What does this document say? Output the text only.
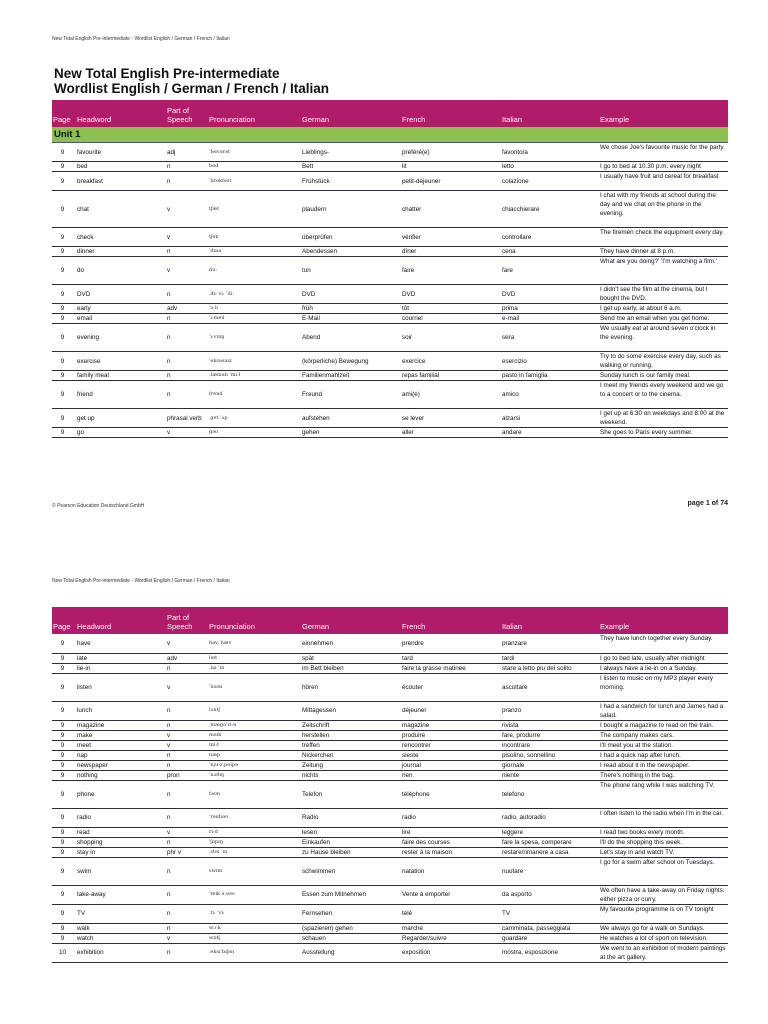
New Total English Pre-intermediate - Wordlist English / German / French / Italian
New Total English Pre-intermediate
Wordlist English / German / French / Italian
Page	Headword	Part of
Speech	Pronunciation	German	French	Italian	Example
Unit 1							
9	favourite	adj	ˈfeɪvərət	Lieblings-	préféré(e)	favorito/a	We chose Joe's favourite music for the party.
9	bed	n	bed	Bett	lit	letto	I go to bed at 10.30 p.m. every night
9	breakfast	n	ˈbrekfəst	Frühstück	petit-déjeuner	colazione	I usually have fruit and cereal for breakfast
9	chat	v	tʃæt	plaudern	chatter	chiacchierare	I chat with my friends at school during the day and we chat on the phone in the evening.
9	check	v	tʃek	überprüfen	vérifier	controllare	The firemen check the equipment every day.
9	dinner	n	ˈdɪnə	Abendessen	dîner	cena	They have dinner at 8 p.m.
9	do	v	duː	tun	faire	fare	What are you doing?' 'I'm watching a film.'
9	DVD	n	ˌdiː viː ˈdiː	DVD	DVD	DVD	I didn't see the film at the cinema, but I bought the DVD.
9	early	adv	ˈɜːli	früh	tôt	prima	I get up early, at about 6 a.m.
9	email	n	ˈiːmeɪl	E-Mail	courriel	e-mail	Send me an email when you get home.
9	evening	n	ˈiːvnɪŋ	Abend	soir	sera	We usually eat at around seven o'clock in the evening.
9	exercise	n	ˈeksəsaɪz	(körperliche) Bewegung	exercice	esercizio	Try to do some exercise every day, such as walking or running.
9	family meal	n	ˌfæməli ˈmiːl	Familienmahlzeit	repas familial	pasto in famiglia	Sunday lunch is our family meal.
9	friend	n	frend	Freund	ami(e)	amico	I meet my friends every weekend and we go to a concert or to the cinema.
9	get up	phrasal verb	ˌget ˈʌp	aufstehen	se lever	alzarsi	I get up at 6:30 on weekdays and 8:00 at the weekend.
9	go	v	gəʊ	gehen	aller	andare	She goes to Paris every summer.
© Pearson Education Deutschland GmbH	page 1 of 74
New Total English Pre-intermediate - Wordlist English / German / French / Italian
Page	Headword	Part of
Speech	Pronunciation	German	French	Italian	Example
9	have	v	həv, hæv	einnehmen	prendre	pranzare	They have lunch together every Sunday.
9	late	adv	leɪt	spät	tard	tardi	I go to bed late, usually after midnight
9	lie-in	n	ˌlaɪ ˈɪn	im Bett bleiben	faire la grasse matinee	stare a letto piu del solito	I always have a lie-in on a Sunday.
9	listen	v	ˈlɪsən	hören	écouter	ascoltare	I listen to music on my MP3 player every morning.
9	lunch	n	lʌntʃ	Mittagessen	déjeuner	pranzo	I had a sandwich for lunch and James had a salad.
9	magazine	n	ˌmægəˈziːn	Zeitschrift	magazine	rivista	I bought a magazine to read on the train.
9	make	v	meɪk	herstellen	produire	fare, produrre	The company makes cars.
9	meet	v	miːt	treffen	rencontrer	incontrare	I'll meet you at the station.
9	nap	n	næp	Nickerchen	sieste	pisolino, sonnellino	I had a quick nap after lunch.
9	newspaper	n	ˈnjuːzˌpeɪpə	Zeitung	journal	giornale	I read about it in the newspaper.
9	nothing	pron	ˈnʌθɪŋ	nichts	rien	niente	There's nothing in the bag.
9	phone	n	fəʊn	Telefon	téléphone	telefono	The phone rang while I was watching TV.
9	radio	n	ˈreɪdiəʊ	Radio	radio	radio, autoradio	I often listen to the radio when I'm in the car.
9	read	v	riːd	lesen	lire	leggere	I read two books every month.
9	shopping	n	ˈʃɒpɪŋ	Einkaufen	faire des courses	fare la spesa, comperare	I'll do the shopping this week.
9	stay in	phr v	ˌsteɪ ˈɪn	zu Hause bleiben	rester à la maison	restare/rimanere a casa	Let's stay in and watch TV.
9	swim	n	swɪm	schwimmen	natation	nuotare	I go for a swim after school on Tuesdays.
9	take-away	n	ˈteɪk əˌweɪ	Essen zum Mitnehmen	Vente à emporter	da asporto	We often have a take-away on Friday nights: either pizza or curry.
9	TV	n	ˌtiː ˈviː	Fernsehen	télé	TV	My favourite programme is on TV tonight
9	walk	n	wɔːk	(spazieren) gehen	marche	camminata, passeggiata	We always go for a walk on Sundays.
9	watch	v	wɒtʃ	schauen	Regarder/suivre	guardare	He watches a lot of sport on television.
10	exhibition	n	ˌeksɪˈbɪʃən	Ausstellung	exposition	mostra, esposizione	We went to an exhibition of modern paintings at the art gallery.
